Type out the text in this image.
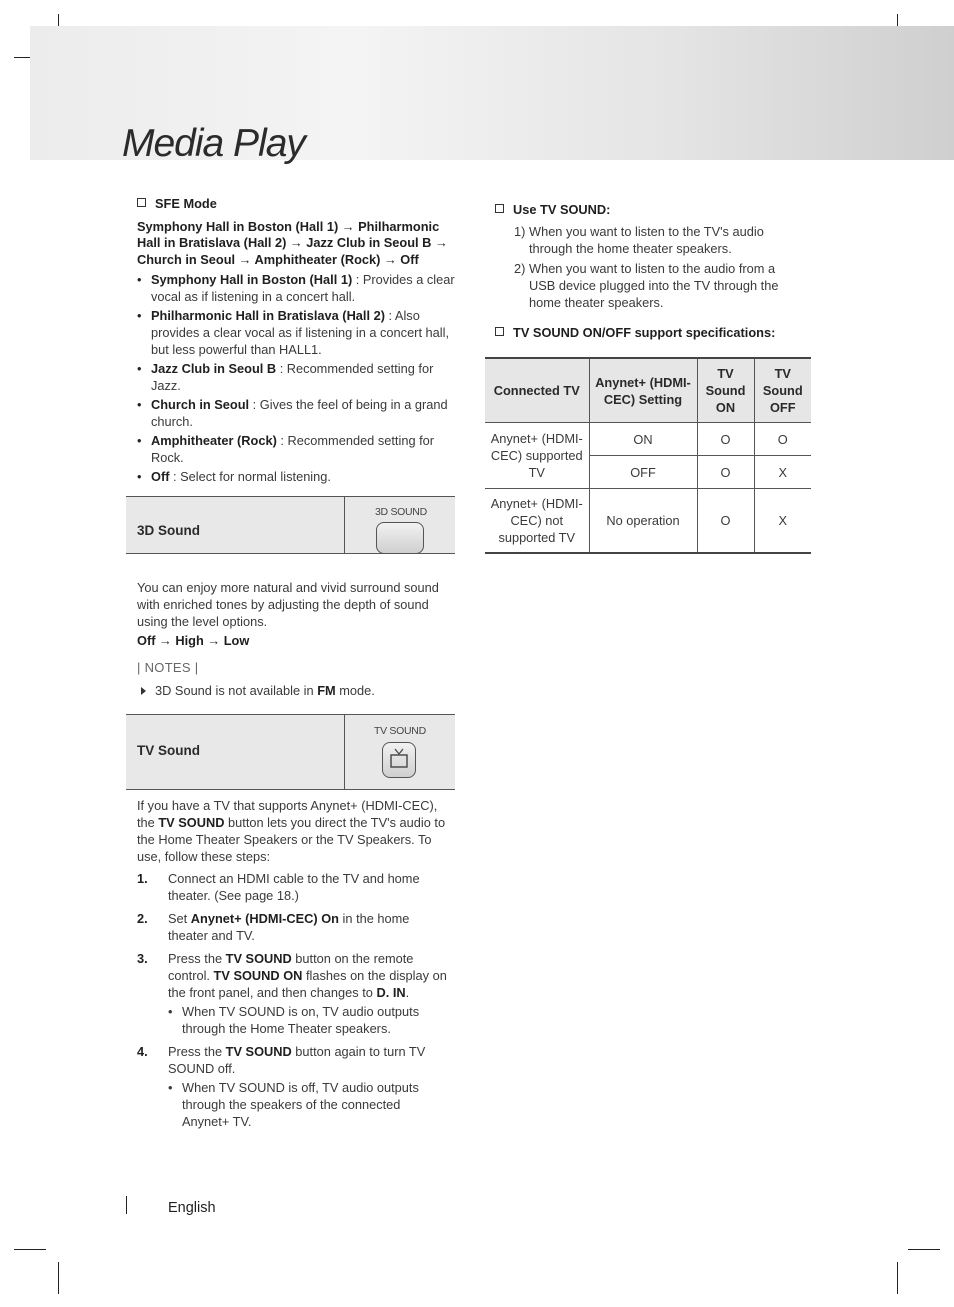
Media Play
SFE Mode
Symphony Hall in Boston (Hall 1) → Philharmonic
Hall in Bratislava (Hall 2) → Jazz Club in Seoul B →
Church in Seoul → Amphitheater (Rock) → Off
• Symphony Hall in Boston (Hall 1) : Provides a clear vocal as if listening in a concert hall.
• Philharmonic Hall in Bratislava (Hall 2) : Also provides a clear vocal as if listening in a concert hall, but less powerful than HALL1.
• Jazz Club in Seoul B : Recommended setting for Jazz.
• Church in Seoul : Gives the feel of being in a grand church.
• Amphitheater (Rock) : Recommended setting for Rock.
• Off : Select for normal listening.
3D Sound
3D SOUND
You can enjoy more natural and vivid surround sound
with enriched tones by adjusting the depth of sound
using the level options.
Off → High → Low
| NOTES |
3D Sound is not available in FM mode.
TV Sound
TV SOUND
If you have a TV that supports Anynet+ (HDMI-CEC), the TV SOUND button lets you direct the TV's audio to the Home Theater Speakers or the TV Speakers. To use, follow these steps:
1. Connect an HDMI cable to the TV and home theater. (See page 18.)
2. Set Anynet+ (HDMI-CEC) On in the home theater and TV.
3. Press the TV SOUND button on the remote control. TV SOUND ON flashes on the display on the front panel, and then changes to D. IN.
• When TV SOUND is on, TV audio outputs through the Home Theater speakers.
4. Press the TV SOUND button again to turn TV SOUND off.
• When TV SOUND is off, TV audio outputs through the speakers of the connected Anynet+ TV.
Use TV SOUND:
1) When you want to listen to the TV's audio through the home theater speakers.
2) When you want to listen to the audio from a USB device plugged into the TV through the home theater speakers.
TV SOUND ON/OFF support specifications:
Connected TV	Anynet+ (HDMI-CEC) Setting	TV Sound ON	TV Sound OFF
Anynet+ (HDMI-CEC) supported TV	ON	O	O
	OFF	O	X
Anynet+ (HDMI-CEC) not supported TV	No operation	O	X
English
